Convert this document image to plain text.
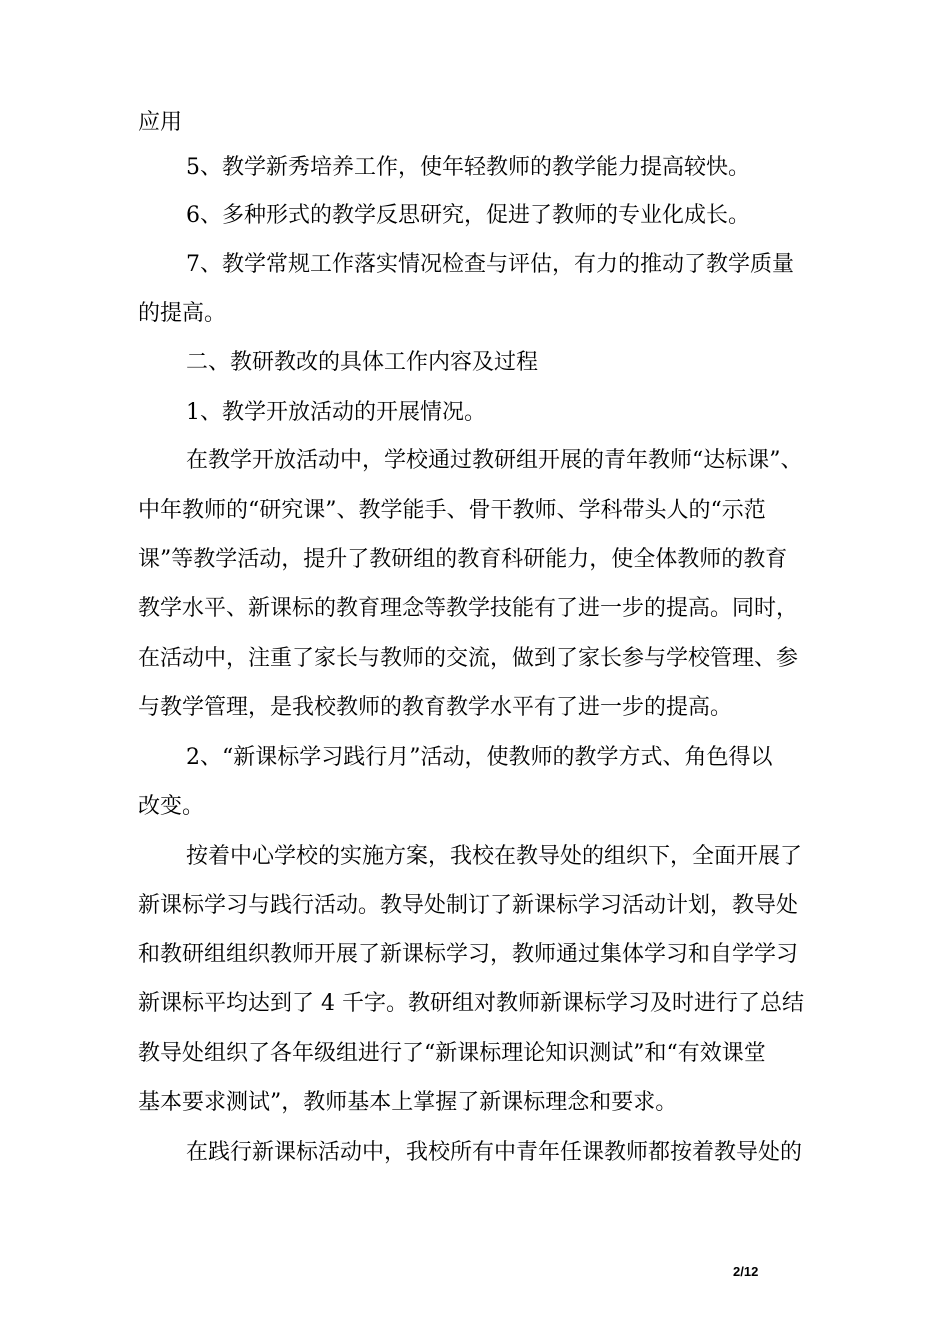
应用

5、教学新秀培养工作，使年轻教师的教学能力提高较快。

6、多种形式的教学反思研究，促进了教师的专业化成长。

7、教学常规工作落实情况检查与评估，有力的推动了教学质量

的提高。

二、教研教改的具体工作内容及过程

1、教学开放活动的开展情况。

在教学开放活动中，学校通过教研组开展的青年教师“达标课”、

中年教师的“研究课”、教学能手、骨干教师、学科带头人的“示范

课”等教学活动，提升了教研组的教育科研能力，使全体教师的教育

教学水平、新课标的教育理念等教学技能有了进一步的提高。同时，

在活动中，注重了家长与教师的交流，做到了家长参与学校管理、参

与教学管理，是我校教师的教育教学水平有了进一步的提高。

2、“新课标学习践行月”活动，使教师的教学方式、角色得以

改变。

按着中心学校的实施方案，我校在教导处的组织下，全面开展了

新课标学习与践行活动。教导处制订了新课标学习活动计划，教导处

和教研组组织教师开展了新课标学习，教师通过集体学习和自学学习

新课标平均达到了 4 千字。教研组对教师新课标学习及时进行了总结

教导处组织了各年级组进行了“新课标理论知识测试”和“有效课堂

基本要求测试”，教师基本上掌握了新课标理念和要求。

在践行新课标活动中，我校所有中青年任课教师都按着教导处的

2/12
